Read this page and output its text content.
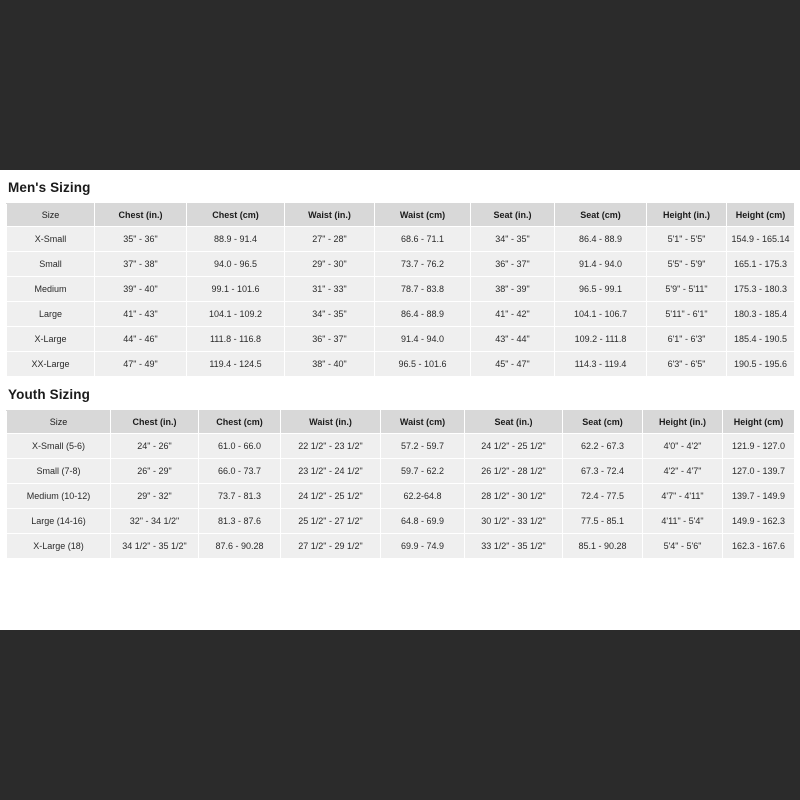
Men's Sizing
Size	Chest (in.)	Chest (cm)	Waist (in.)	Waist (cm)	Seat (in.)	Seat (cm)	Height (in.)	Height (cm)
X-Small	35" - 36"	88.9 - 91.4	27" - 28"	68.6 - 71.1	34" - 35"	86.4 - 88.9	5'1" - 5'5"	154.9 - 165.14
Small	37" - 38"	94.0 - 96.5	29" - 30"	73.7 - 76.2	36" - 37"	91.4 - 94.0	5'5" - 5'9"	165.1 - 175.3
Medium	39" - 40"	99.1 - 101.6	31" - 33"	78.7 - 83.8	38" - 39"	96.5 - 99.1	5'9" - 5'11"	175.3 - 180.3
Large	41" - 43"	104.1 - 109.2	34" - 35"	86.4 - 88.9	41" - 42"	104.1 - 106.7	5'11" - 6'1"	180.3 - 185.4
X-Large	44" - 46"	111.8 - 116.8	36" - 37"	91.4 - 94.0	43" - 44"	109.2 - 111.8	6'1" - 6'3"	185.4 - 190.5
XX-Large	47" - 49"	119.4 - 124.5	38" - 40"	96.5 - 101.6	45" - 47"	114.3 - 119.4	6'3" - 6'5"	190.5 - 195.6
Youth Sizing
Size	Chest (in.)	Chest (cm)	Waist (in.)	Waist (cm)	Seat (in.)	Seat (cm)	Height (in.)	Height (cm)
X-Small (5-6)	24" - 26"	61.0 - 66.0	22 1/2" - 23 1/2"	57.2 - 59.7	24 1/2" - 25 1/2"	62.2 - 67.3	4'0" - 4'2"	121.9 - 127.0
Small (7-8)	26" - 29"	66.0 - 73.7	23 1/2" - 24 1/2"	59.7 - 62.2	26 1/2" - 28 1/2"	67.3 - 72.4	4'2" - 4'7"	127.0 - 139.7
Medium (10-12)	29" - 32"	73.7 - 81.3	24 1/2" - 25 1/2"	62.2-64.8	28 1/2" - 30 1/2"	72.4 - 77.5	4'7" - 4'11"	139.7 - 149.9
Large (14-16)	32" - 34 1/2"	81.3 - 87.6	25 1/2" - 27 1/2"	64.8 - 69.9	30 1/2" - 33 1/2"	77.5 - 85.1	4'11" - 5'4"	149.9 - 162.3
X-Large (18)	34 1/2" - 35 1/2"	87.6 - 90.28	27 1/2" - 29 1/2"	69.9 - 74.9	33 1/2" - 35 1/2"	85.1 - 90.28	5'4" - 5'6"	162.3 - 167.6
